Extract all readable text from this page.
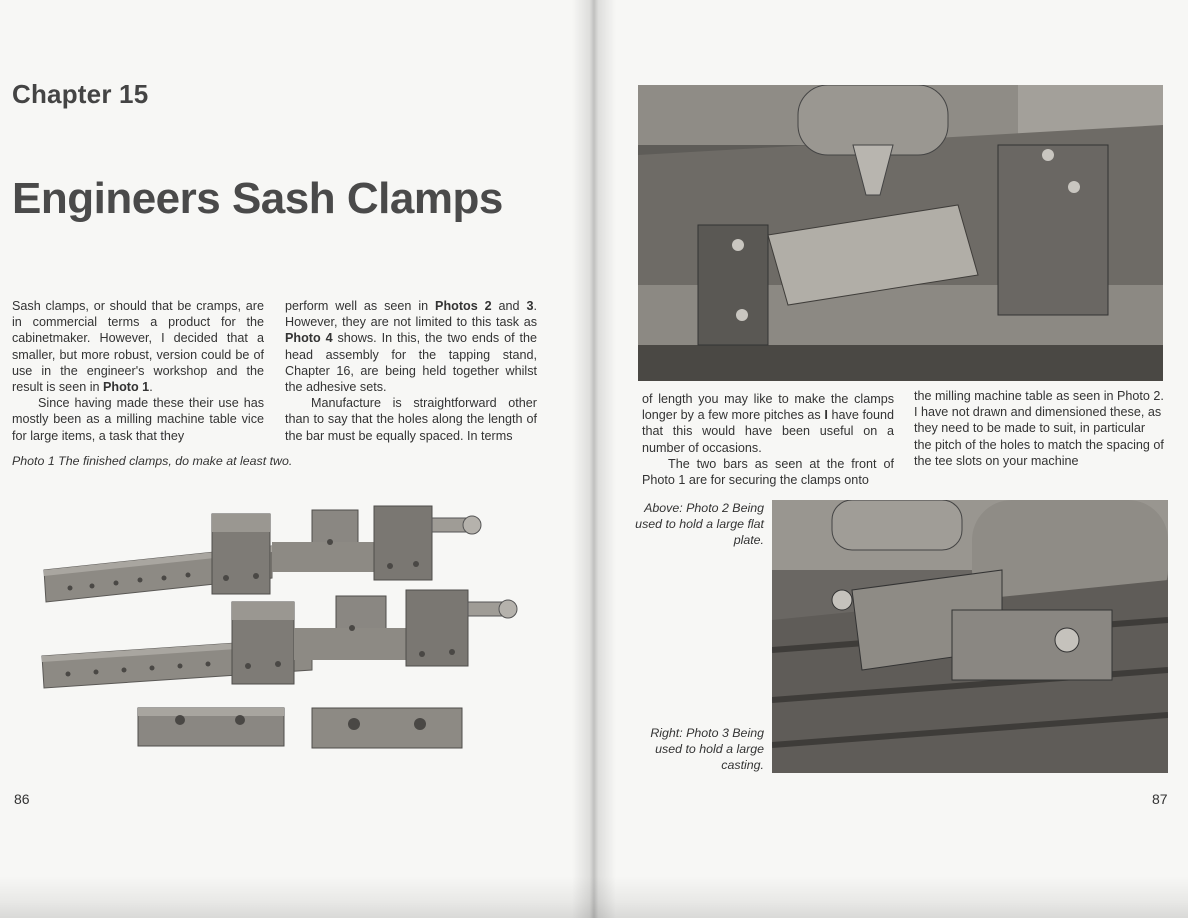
Chapter 15
Engineers Sash Clamps

Sash clamps, or should that be cramps, are in commercial terms a product for the cabinetmaker. However, I decided that a smaller, but more robust, version could be of use in the engineer's workshop and the result is seen in Photo 1.

Since having made these their use has mostly been as a milling machine table vice for large items, a task that they

perform well as seen in Photos 2 and 3. However, they are not limited to this task as Photo 4 shows. In this, the two ends of the head assembly for the tapping stand, Chapter 16, are being held together whilst the adhesive sets.

Manufacture is straightforward other than to say that the holes along the length of the bar must be equally spaced. In terms

Photo 1 The finished clamps, do make at least two.
86

of length you may like to make the clamps longer by a few more pitches as I have found that this would have been useful on a number of occasions.

The two bars as seen at the front of Photo 1 are for securing the clamps onto

the milling machine table as seen in Photo 2. I have not drawn and dimensioned these, as they need to be made to suit, in particular the pitch of the holes to match the spacing of the tee slots on your machine

Above: Photo 2 Being used to hold a large flat plate.
Right: Photo 3 Being used to hold a large casting.
87
